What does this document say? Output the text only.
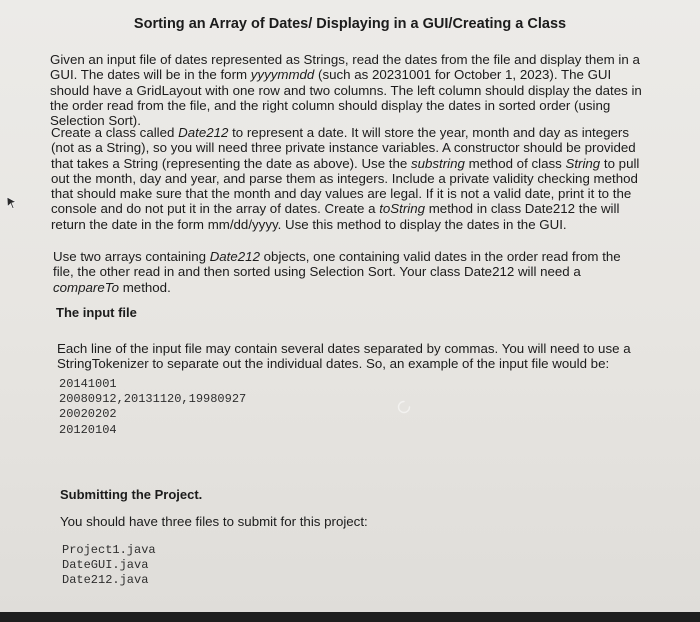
Sorting an Array of Dates/ Displaying in a GUI/Creating a Class

Given an input file of dates represented as Strings, read the dates from the file and display them in a GUI. The dates will be in the form yyyymmdd (such as 20231001 for October 1, 2023). The GUI should have a GridLayout with one row and two columns. The left column should display the dates in the order read from the file, and the right column should display the dates in sorted order (using Selection Sort).

Create a class called Date212 to represent a date. It will store the year, month and day as integers (not as a String), so you will need three private instance variables. A constructor should be provided that takes a String (representing the date as above). Use the substring method of class String to pull out the month, day and year, and parse them as integers. Include a private validity checking method that should make sure that the month and day values are legal. If it is not a valid date, print it to the console and do not put it in the array of dates. Create a toString method in class Date212 the will return the date in the form mm/dd/yyyy. Use this method to display the dates in the GUI.

Use two arrays containing Date212 objects, one containing valid dates in the order read from the file, the other read in and then sorted using Selection Sort. Your class Date212 will need a compareTo method.

The input file

Each line of the input file may contain several dates separated by commas. You will need to use a StringTokenizer to separate out the individual dates. So, an example of the input file would be:

20141001
20080912,20131120,19980927
20020202
20120104
Submitting the Project.

You should have three files to submit for this project:

Project1.java
DateGUI.java
Date212.java
